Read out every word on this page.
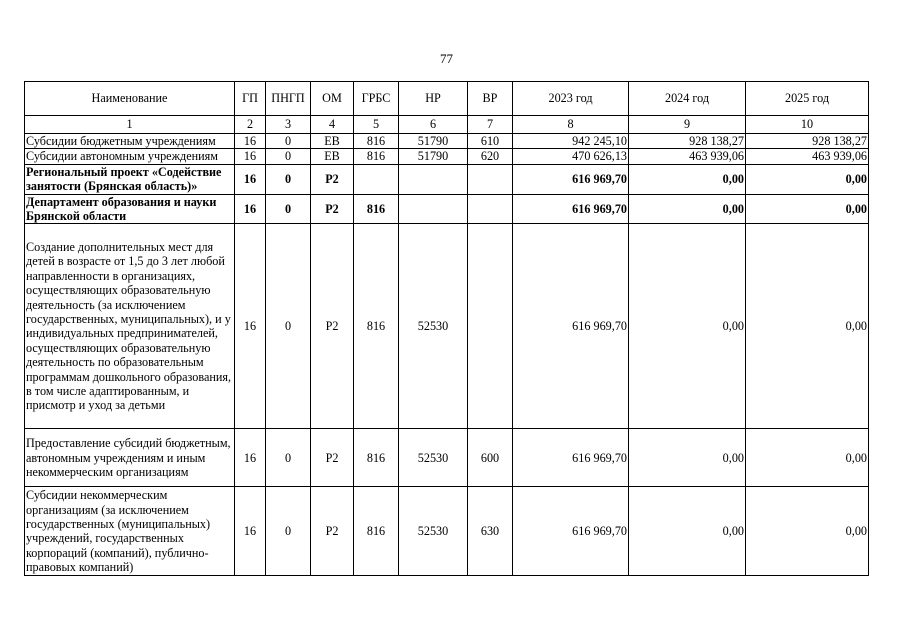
77
Наименование	ГП	ПНГП	ОМ	ГРБС	НР	ВР	2023 год	2024 год	2025 год
1	2	3	4	5	6	7	8	9	10
Субсидии бюджетным учреждениям	16	0	ЕВ	816	51790	610	942 245,10	928 138,27	928 138,27
Субсидии автономным учреждениям	16	0	ЕВ	816	51790	620	470 626,13	463 939,06	463 939,06
Региональный проект «Содействие занятости (Брянская область)»	16	0	Р2				616 969,70	0,00	0,00
Департамент образования и науки Брянской области	16	0	Р2	816			616 969,70	0,00	0,00
Создание дополнительных мест для детей в возрасте от 1,5 до 3 лет любой направленности в организациях, осуществляющих образовательную деятельность (за исключением государственных, муниципальных), и у индивидуальных предпринимателей, осуществляющих образовательную деятельность по образовательным программам дошкольного образования, в том числе адаптированным, и присмотр и уход за детьми	16	0	Р2	816	52530		616 969,70	0,00	0,00
Предоставление субсидий бюджетным, автономным учреждениям и иным некоммерческим организациям	16	0	Р2	816	52530	600	616 969,70	0,00	0,00
Субсидии некоммерческим организациям (за исключением государственных (муниципальных) учреждений, государственных корпораций (компаний), публично-правовых компаний)	16	0	Р2	816	52530	630	616 969,70	0,00	0,00
